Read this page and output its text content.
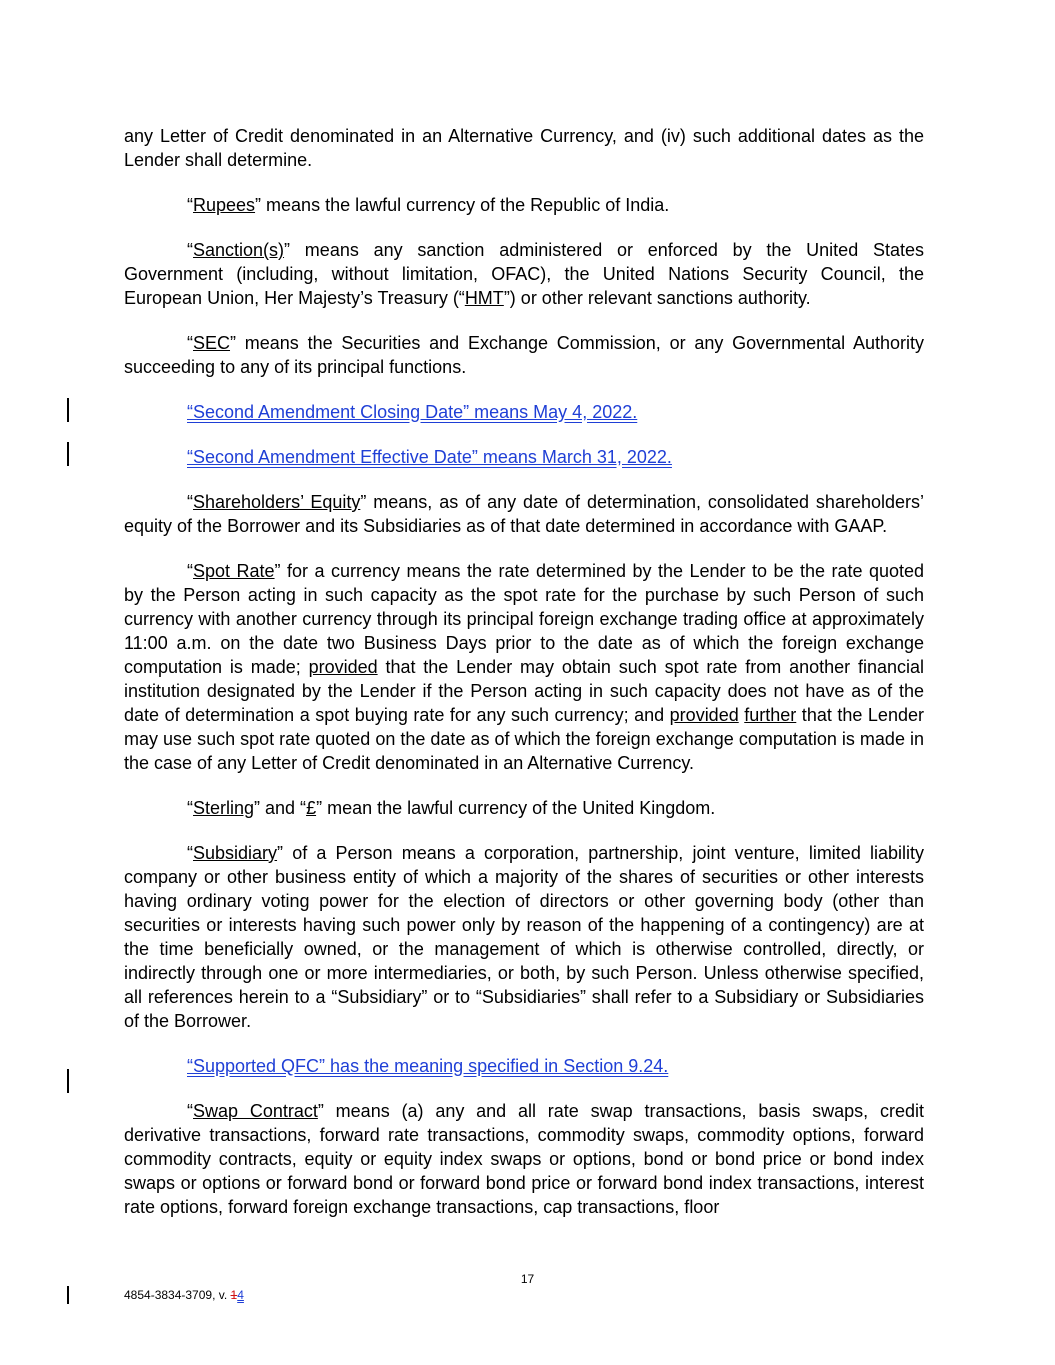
any Letter of Credit denominated in an Alternative Currency, and (iv) such additional dates as the Lender shall determine.

“Rupees” means the lawful currency of the Republic of India.

“Sanction(s)” means any sanction administered or enforced by the United States Government (including, without limitation, OFAC), the United Nations Security Council, the European Union, Her Majesty’s Treasury (“HMT”) or other relevant sanctions authority.

“SEC” means the Securities and Exchange Commission, or any Governmental Authority succeeding to any of its principal functions.

“Second Amendment Closing Date” means May 4, 2022.

“Second Amendment Effective Date” means March 31, 2022.

“Shareholders’ Equity” means, as of any date of determination, consolidated shareholders’ equity of the Borrower and its Subsidiaries as of that date determined in accordance with GAAP.

“Spot Rate” for a currency means the rate determined by the Lender to be the rate quoted by the Person acting in such capacity as the spot rate for the purchase by such Person of such currency with another currency through its principal foreign exchange trading office at approximately 11:00 a.m. on the date two Business Days prior to the date as of which the foreign exchange computation is made; provided that the Lender may obtain such spot rate from another financial institution designated by the Lender if the Person acting in such capacity does not have as of the date of determination a spot buying rate for any such currency; and provided further that the Lender may use such spot rate quoted on the date as of which the foreign exchange computation is made in the case of any Letter of Credit denominated in an Alternative Currency.

“Sterling” and “£” mean the lawful currency of the United Kingdom.

“Subsidiary” of a Person means a corporation, partnership, joint venture, limited liability company or other business entity of which a majority of the shares of securities or other interests having ordinary voting power for the election of directors or other governing body (other than securities or interests having such power only by reason of the happening of a contingency) are at the time beneficially owned, or the management of which is otherwise controlled, directly, or indirectly through one or more intermediaries, or both, by such Person. Unless otherwise specified, all references herein to a “Subsidiary” or to “Subsidiaries” shall refer to a Subsidiary or Subsidiaries of the Borrower.

“Supported QFC” has the meaning specified in Section 9.24.

“Swap Contract” means (a) any and all rate swap transactions, basis swaps, credit derivative transactions, forward rate transactions, commodity swaps, commodity options, forward commodity contracts, equity or equity index swaps or options, bond or bond price or bond index swaps or options or forward bond or forward bond price or forward bond index transactions, interest rate options, forward foreign exchange transactions, cap transactions, floor

17
4854-3834-3709, v. 14
